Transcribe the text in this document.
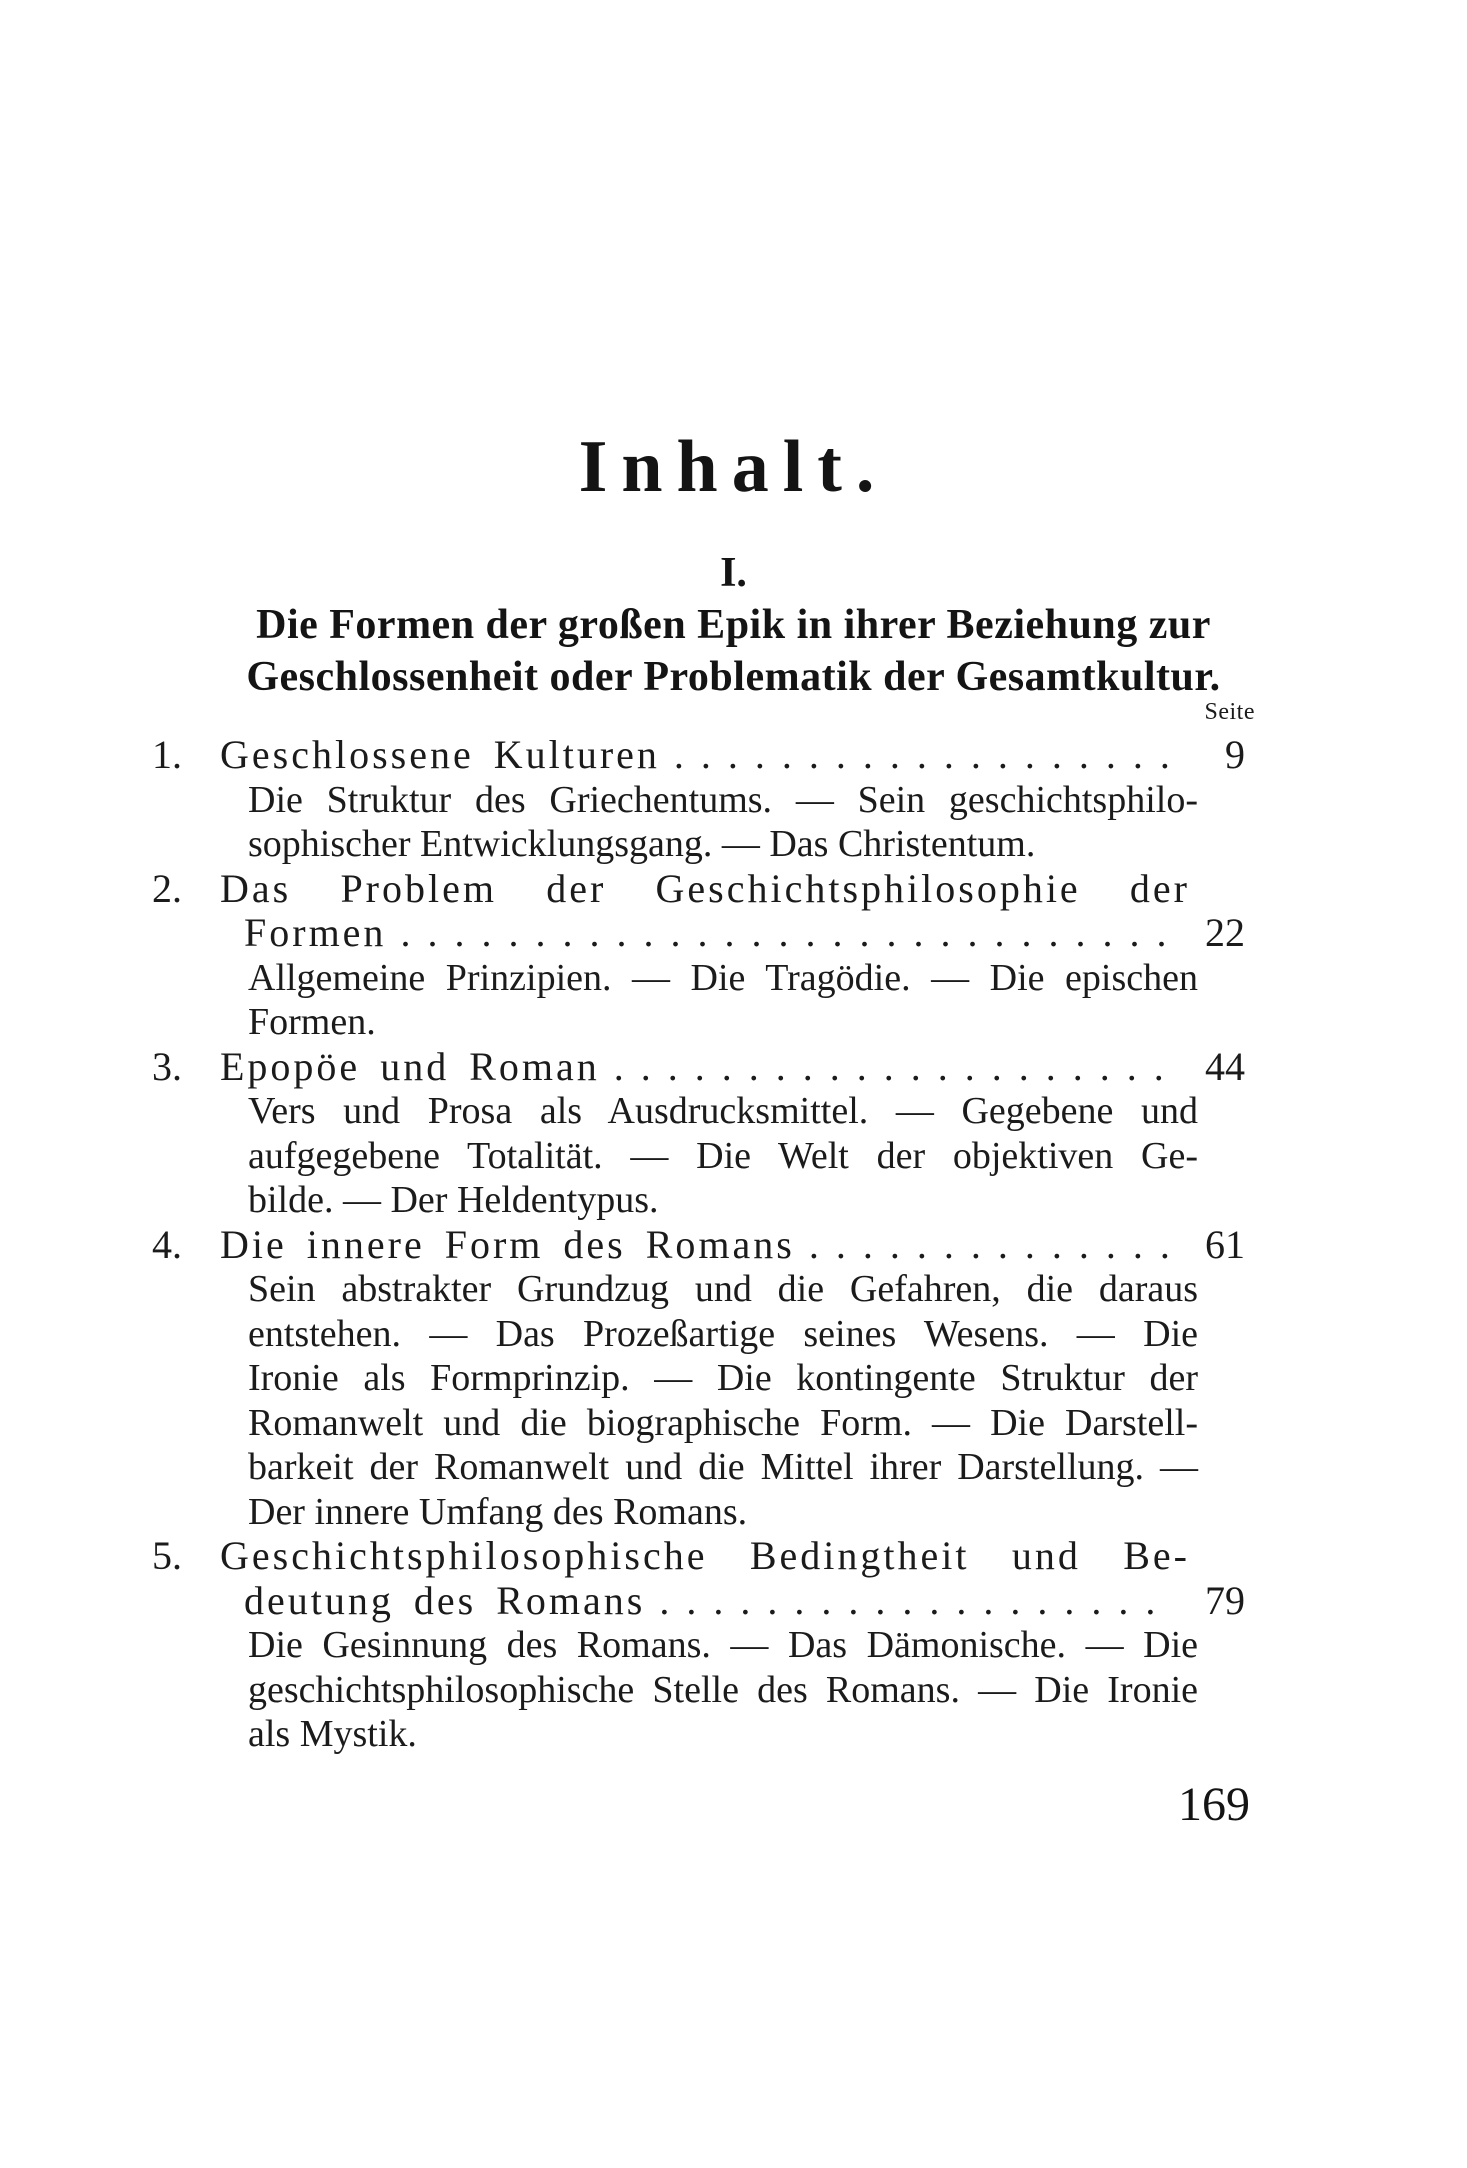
Inhalt.
I.
Die Formen der großen Epik in ihrer Beziehung zur
Geschlossenheit oder Problematik der Gesamtkultur.
Seite
1. Geschlossene Kulturen .....	9
Die Struktur des Griechentums. — Sein geschichtsphilo-
sophischer Entwicklungsgang. — Das Christentum.
2. Das Problem der Geschichtsphilosophie der
Formen .....	22
Allgemeine Prinzipien. — Die Tragödie. — Die epischen
Formen.
3. Epopöe und Roman .....	44
Vers und Prosa als Ausdrucksmittel. — Gegebene und
aufgegebene Totalität. — Die Welt der objektiven Ge-
bilde. — Der Heldentypus.
4. Die innere Form des Romans .....	61
Sein abstrakter Grundzug und die Gefahren, die daraus
entstehen. — Das Prozeßartige seines Wesens. — Die
Ironie als Formprinzip. — Die kontingente Struktur der
Romanwelt und die biographische Form. — Die Darstell-
barkeit der Romanwelt und die Mittel ihrer Darstellung. —
Der innere Umfang des Romans.
5. Geschichtsphilosophische Bedingtheit und Be-
deutung des Romans .....	79
Die Gesinnung des Romans. — Das Dämonische. — Die
geschichtsphilosophische Stelle des Romans. — Die Ironie
als Mystik.
169
